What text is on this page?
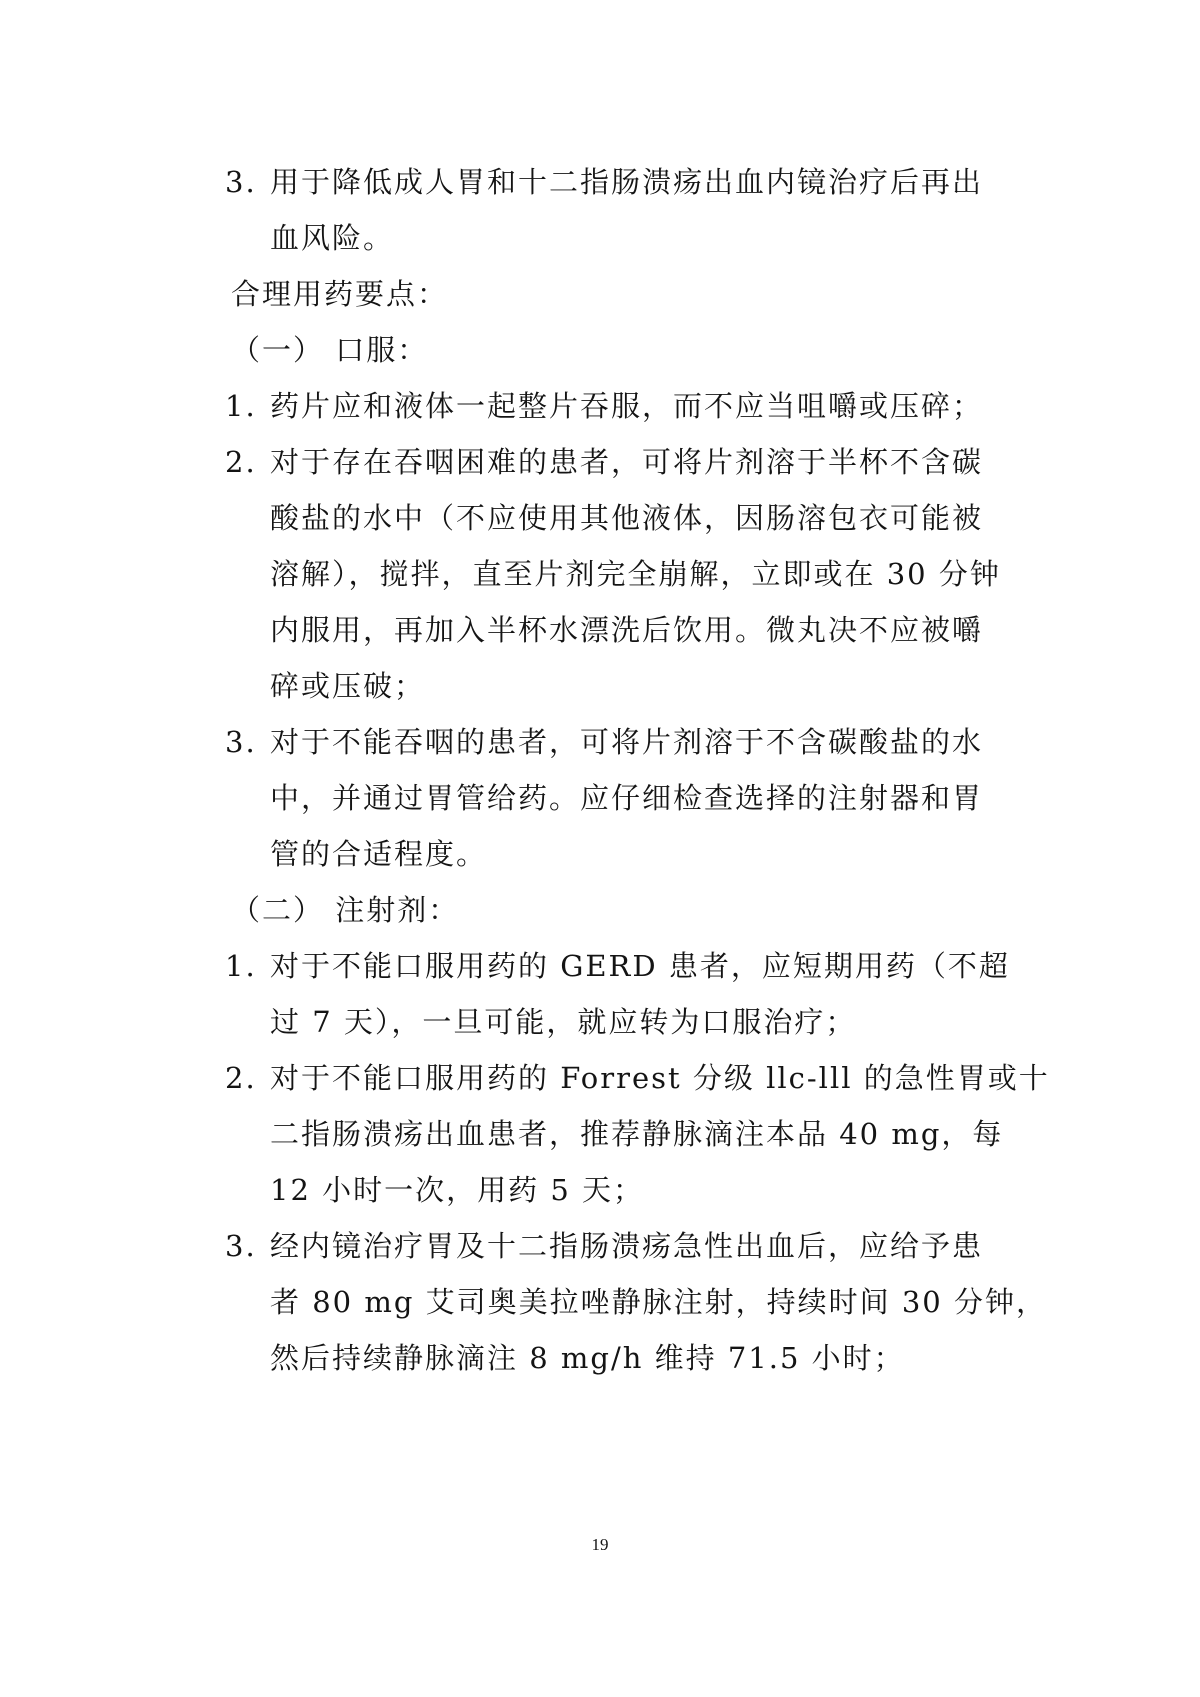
3. 用于降低成人胃和十二指肠溃疡出血内镜治疗后再出
血风险。
合理用药要点：
（一） 口服：
1. 药片应和液体一起整片吞服，而不应当咀嚼或压碎；
2. 对于存在吞咽困难的患者，可将片剂溶于半杯不含碳
酸盐的水中（不应使用其他液体，因肠溶包衣可能被
溶解），搅拌，直至片剂完全崩解，立即或在 30 分钟
内服用，再加入半杯水漂洗后饮用。微丸决不应被嚼
碎或压破；
3. 对于不能吞咽的患者，可将片剂溶于不含碳酸盐的水
中，并通过胃管给药。应仔细检查选择的注射器和胃
管的合适程度。
（二） 注射剂：
1. 对于不能口服用药的 GERD 患者，应短期用药（不超
过 7 天），一旦可能，就应转为口服治疗；
2. 对于不能口服用药的 Forrest 分级 llc-lll 的急性胃或十
二指肠溃疡出血患者，推荐静脉滴注本品 40 mg，每
12 小时一次，用药 5 天；
3. 经内镜治疗胃及十二指肠溃疡急性出血后，应给予患
者 80 mg 艾司奥美拉唑静脉注射，持续时间 30 分钟，
然后持续静脉滴注 8 mg/h 维持 71.5 小时；
19
